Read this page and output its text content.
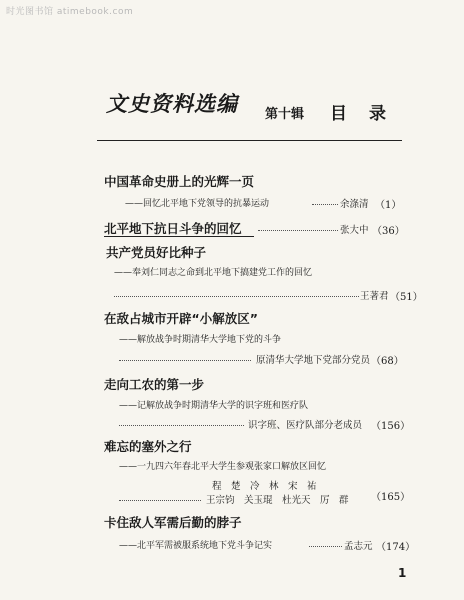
时光图书馆 atimebook.com
文史资料选编 第十辑 目录
中国革命史册上的光辉一页
——回忆北平地下党领导的抗暴运动	余涤清 （1）
北平地下抗日斗争的回忆	张大中 （36）
共产党员好比种子
——奉刘仁同志之命到北平地下搞建党工作的回忆
王著君 （51）
在敌占城市开辟“小解放区”
——解放战争时期清华大学地下党的斗争
原清华大学地下党部分党员 （68）
走向工农的第一步
——记解放战争时期清华大学的识字班和医疗队
识字班、医疗队部分老成员 （156）
难忘的塞外之行
——一九四六年春北平大学生参观张家口解放区回忆
程　楚　冷　林　宋　祐
王宗钧　关玉琨　杜光天　厉　群 （165）
卡住敌人军需后勤的脖子
——北平军需被服系统地下党斗争记实	孟志元 （174）
1
